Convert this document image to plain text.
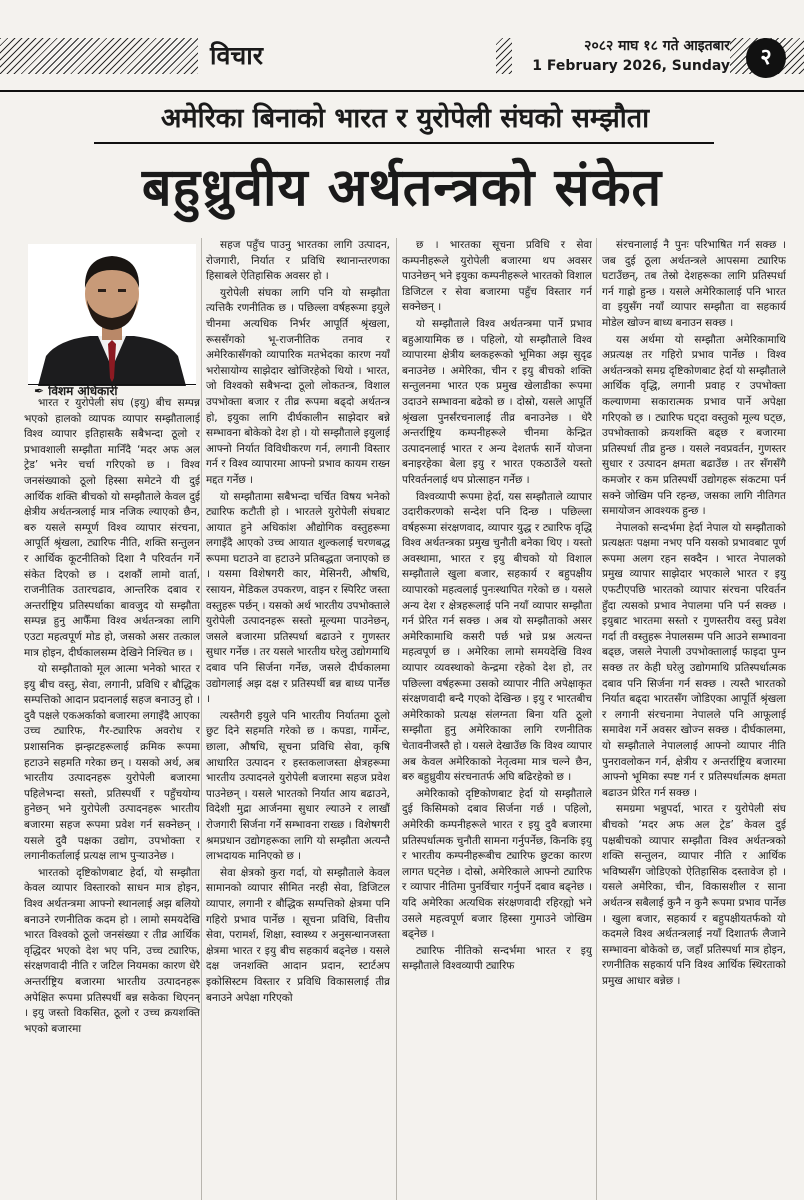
विचार	२०८२ माघ १८ गते आइतबार
1 February 2026, Sunday	२
अमेरिका बिनाको भारत र युरोपेली संघको सम्झौता
बहुध्रुवीय अर्थतन्त्रको संकेत
✒ विशम अधिकारी

भारत र युरोपेली संघ (इयु) बीच सम्पन्न भएको हालको व्यापक व्यापार सम्झौतालाई विश्व व्यापार इतिहासकै सबैभन्दा ठूलो र प्रभावशाली सम्झौता मानिँदै ‘मदर अफ अल ट्रेड’ भनेर चर्चा गरिएको छ । विश्व जनसंख्याको ठूलो हिस्सा समेटने यी दुई आर्थिक शक्ति बीचको यो सम्झौताले केवल दुई क्षेत्रीय अर्थतन्त्रलाई मात्र नजिक ल्याएको छैन, बरु यसले सम्पूर्ण विश्व व्यापार संरचना, आपूर्ति श्रृंखला, ट्यारिफ नीति, शक्ति सन्तुलन र आर्थिक कूटनीतिको दिशा नै परिवर्तन गर्ने संकेत दिएको छ । दशकौं लामो वार्ता, राजनीतिक उतारचढाव, आन्तरिक दबाव र अन्तर्राष्ट्रिय प्रतिस्पर्धाका बावजुद यो सम्झौता सम्पन्न हुनु आफैँमा विश्व अर्थतन्त्रका लागि एउटा महत्वपूर्ण मोड हो, जसको असर तत्काल मात्र होइन, दीर्घकालसम्म देखिने निश्चित छ ।

यो सम्झौताको मूल आत्मा भनेको भारत र इयु बीच वस्तु, सेवा, लगानी, प्रविधि र बौद्धिक सम्पत्तिको आदान प्रदानलाई सहज बनाउनु हो । दुवै पक्षले एकअर्काको बजारमा लगाइँदै आएका उच्च ट्यारिफ, गैर-ट्यारिफ अवरोध र प्रशासनिक झन्झटहरूलाई क्रमिक रूपमा हटाउने सहमति गरेका छन् । यसको अर्थ, अब भारतीय उत्पादनहरू युरोपेली बजारमा पहिलेभन्दा सस्तो, प्रतिस्पर्धी र पहुँचयोग्य हुनेछन् भने युरोपेली उत्पादनहरू भारतीय बजारमा सहज रूपमा प्रवेश गर्न सक्नेछन् । यसले दुवै पक्षका उद्योग, उपभोक्ता र लगानीकर्तालाई प्रत्यक्ष लाभ पुऱ्याउनेछ ।

भारतको दृष्टिकोणबाट हेर्दा, यो सम्झौता केवल व्यापार विस्तारको साधन मात्र होइन, विश्व अर्थतन्त्रमा आफ्नो स्थानलाई अझ बलियो बनाउने रणनीतिक कदम हो । लामो समयदेखि भारत विश्वको ठूलो जनसंख्या र तीव्र आर्थिक वृद्धिदर भएको देश भए पनि, उच्च ट्यारिफ, संरक्षणवादी नीति र जटिल नियमका कारण धेरै अन्तर्राष्ट्रिय बजारमा भारतीय उत्पादनहरू अपेक्षित रूपमा प्रतिस्पर्धी बन्न सकेका थिएनन् । इयु जस्तो विकसित, ठूलो र उच्च क्रयशक्ति भएको बजारमा

सहज पहुँच पाउनु भारतका लागि उत्पादन, रोजगारी, निर्यात र प्रविधि स्थानान्तरणका हिसाबले ऐतिहासिक अवसर हो ।

युरोपेली संघका लागि पनि यो सम्झौता त्यत्तिकै रणनीतिक छ । पछिल्ला वर्षहरूमा इयुले चीनमा अत्यधिक निर्भर आपूर्ति श्रृंखला, रूससँगको भू-राजनीतिक तनाव र अमेरिकासँगको व्यापारिक मतभेदका कारण नयाँ भरोसायोग्य साझेदार खोजिरहेको थियो । भारत, जो विश्वको सबैभन्दा ठूलो लोकतन्त्र, विशाल उपभोक्ता बजार र तीव्र रूपमा बढ्दो अर्थतन्त्र हो, इयुका लागि दीर्घकालीन साझेदार बन्ने सम्भावना बोकेको देश हो । यो सम्झौताले इयुलाई आफ्नो निर्यात विविधीकरण गर्न, लगानी विस्तार गर्न र विश्व व्यापारमा आफ्नो प्रभाव कायम राख्न मद्दत गर्नेछ ।

यो सम्झौतामा सबैभन्दा चर्चित विषय भनेको ट्यारिफ कटौती हो । भारतले युरोपेली संघबाट आयात हुने अधिकांश औद्योगिक वस्तुहरूमा लगाइँदै आएको उच्च आयात शुल्कलाई चरणबद्ध रूपमा घटाउने वा हटाउने प्रतिबद्धता जनाएको छ । यसमा विशेषगरी कार, मेसिनरी, औषधि, रसायन, मेडिकल उपकरण, वाइन र स्पिरिट जस्ता वस्तुहरू पर्छन् । यसको अर्थ भारतीय उपभोक्ताले युरोपेली उत्पादनहरू सस्तो मूल्यमा पाउनेछन्, जसले बजारमा प्रतिस्पर्धा बढाउने र गुणस्तर सुधार गर्नेछ । तर यसले भारतीय घरेलु उद्योगमाथि दबाव पनि सिर्जना गर्नेछ, जसले दीर्घकालमा उद्योगलाई अझ दक्ष र प्रतिस्पर्धी बन्न बाध्य पार्नेछ ।

त्यस्तैगरी इयुले पनि भारतीय निर्यातमा ठूलो छुट दिने सहमति गरेको छ । कपडा, गार्मेन्ट, छाला, औषधि, सूचना प्रविधि सेवा, कृषि आधारित उत्पादन र हस्तकलाजस्ता क्षेत्रहरूमा भारतीय उत्पादनले युरोपेली बजारमा सहज प्रवेश पाउनेछन् । यसले भारतको निर्यात आय बढाउने, विदेशी मुद्रा आर्जनमा सुधार ल्याउने र लाखौं रोजगारी सिर्जना गर्ने सम्भावना राख्छ । विशेषगरी श्रमप्रधान उद्योगहरूका लागि यो सम्झौता अत्यन्तै लाभदायक मानिएको छ ।

सेवा क्षेत्रको कुरा गर्दा, यो सम्झौताले केवल सामानको व्यापार सीमित नरही सेवा, डिजिटल व्यापार, लगानी र बौद्धिक सम्पत्तिको क्षेत्रमा पनि गहिरो प्रभाव पार्नेछ । सूचना प्रविधि, वित्तीय सेवा, परामर्श, शिक्षा, स्वास्थ्य र अनुसन्धानजस्ता क्षेत्रमा भारत र इयु बीच सहकार्य बढ्नेछ । यसले दक्ष जनशक्ति आदान प्रदान, स्टार्टअप इकोसिस्टम विस्तार र प्रविधि विकासलाई तीव्र बनाउने अपेक्षा गरिएको

छ । भारतका सूचना प्रविधि र सेवा कम्पनीहरूले युरोपेली बजारमा थप अवसर पाउनेछन् भने इयुका कम्पनीहरूले भारतको विशाल डिजिटल र सेवा बजारमा पहुँच विस्तार गर्न सक्नेछन् ।

यो सम्झौताले विश्व अर्थतन्त्रमा पार्ने प्रभाव बहुआयामिक छ । पहिलो, यो सम्झौताले विश्व व्यापारमा क्षेत्रीय ब्लकहरूको भूमिका अझ सुदृढ बनाउनेछ । अमेरिका, चीन र इयु बीचको शक्ति सन्तुलनमा भारत एक प्रमुख खेलाडीका रूपमा उदाउने सम्भावना बढेको छ । दोस्रो, यसले आपूर्ति श्रृंखला पुनर्संरचनालाई तीव्र बनाउनेछ । धेरै अन्तर्राष्ट्रिय कम्पनीहरूले चीनमा केन्द्रित उत्पादनलाई भारत र अन्य देशतर्फ सार्ने योजना बनाइरहेका बेला इयु र भारत एकठाउँले यस्तो परिवर्तनलाई थप प्रोत्साहन गर्नेछ ।

विश्वव्यापी रूपमा हेर्दा, यस सम्झौताले व्यापार उदारीकरणको सन्देश पनि दिन्छ । पछिल्ला वर्षहरूमा संरक्षणवाद, व्यापार युद्ध र ट्यारिफ वृद्धि विश्व अर्थतन्त्रका प्रमुख चुनौती बनेका थिए । यस्तो अवस्थामा, भारत र इयु बीचको यो विशाल सम्झौताले खुला बजार, सहकार्य र बहुपक्षीय व्यापारको महत्वलाई पुनःस्थापित गरेको छ । यसले अन्य देश र क्षेत्रहरूलाई पनि नयाँ व्यापार सम्झौता गर्न प्रेरित गर्न सक्छ । अब यो सम्झौताको असर अमेरिकामाथि कसरी पर्छ भन्ने प्रश्न अत्यन्त महत्वपूर्ण छ । अमेरिका लामो समयदेखि विश्व व्यापार व्यवस्थाको केन्द्रमा रहेको देश हो, तर पछिल्ला वर्षहरूमा उसको व्यापार नीति अपेक्षाकृत संरक्षणवादी बन्दै गएको देखिन्छ । इयु र भारतबीच अमेरिकाको प्रत्यक्ष संलग्नता बिना यति ठूलो सम्झौता हुनु अमेरिकाका लागि रणनीतिक चेतावनीजस्तै हो । यसले देखाउँछ कि विश्व व्यापार अब केवल अमेरिकाको नेतृत्वमा मात्र चल्ने छैन, बरु बहुध्रुवीय संरचनातर्फ अघि बढिरहेको छ ।

अमेरिकाको दृष्टिकोणबाट हेर्दा यो सम्झौताले दुई किसिमको दबाव सिर्जना गर्छ । पहिलो, अमेरिकी कम्पनीहरूले भारत र इयु दुवै बजारमा प्रतिस्पर्धात्मक चुनौती सामना गर्नुपर्नेछ, किनकि इयु र भारतीय कम्पनीहरूबीच ट्यारिफ छुटका कारण लागत घट्नेछ । दोस्रो, अमेरिकाले आफ्नो ट्यारिफ र व्यापार नीतिमा पुनर्विचार गर्नुपर्ने दबाव बढ्नेछ । यदि अमेरिका अत्यधिक संरक्षणवादी रहिरह्यो भने उसले महत्वपूर्ण बजार हिस्सा गुमाउने जोखिम बढ्नेछ ।

ट्यारिफ नीतिको सन्दर्भमा भारत र इयु सम्झौताले विश्वव्यापी ट्यारिफ

संरचनालाई नै पुनः परिभाषित गर्न सक्छ । जब दुई ठूला अर्थतन्त्रले आपसमा ट्यारिफ घटाउँछन्, तब तेस्रो देशहरूका लागि प्रतिस्पर्धा गर्न गाह्रो हुन्छ । यसले अमेरिकालाई पनि भारत वा इयुसँग नयाँ व्यापार सम्झौता वा सहकार्य मोडेल खोज्न बाध्य बनाउन सक्छ ।

यस अर्थमा यो सम्झौता अमेरिकामाथि अप्रत्यक्ष तर गहिरो प्रभाव पार्नेछ । विश्व अर्थतन्त्रको समग्र दृष्टिकोणबाट हेर्दा यो सम्झौताले आर्थिक वृद्धि, लगानी प्रवाह र उपभोक्ता कल्याणमा सकारात्मक प्रभाव पार्ने अपेक्षा गरिएको छ । ट्यारिफ घट्दा वस्तुको मूल्य घट्छ, उपभोक्ताको क्रयशक्ति बढ्छ र बजारमा प्रतिस्पर्धा तीव्र हुन्छ । यसले नवप्रवर्तन, गुणस्तर सुधार र उत्पादन क्षमता बढाउँछ । तर सँगसँगै कमजोर र कम प्रतिस्पर्धी उद्योगहरू संकटमा पर्न सक्ने जोखिम पनि रहन्छ, जसका लागि नीतिगत समायोजन आवश्यक हुन्छ ।

नेपालको सन्दर्भमा हेर्दा नेपाल यो सम्झौताको प्रत्यक्षतः पक्षमा नभए पनि यसको प्रभावबाट पूर्ण रूपमा अलग रहन सक्दैन । भारत नेपालको प्रमुख व्यापार साझेदार भएकाले भारत र इयु एफटीएपछि भारतको व्यापार संरचना परिवर्तन हुँदा त्यसको प्रभाव नेपालमा पनि पर्न सक्छ । इयुबाट भारतमा सस्तो र गुणस्तरीय वस्तु प्रवेश गर्दा ती वस्तुहरू नेपालसम्म पनि आउने सम्भावना बढ्छ, जसले नेपाली उपभोक्तालाई फाइदा पुग्न सक्छ तर केही घरेलु उद्योगमाथि प्रतिस्पर्धात्मक दबाव पनि सिर्जना गर्न सक्छ । त्यस्तै भारतको निर्यात बढ्दा भारतसँग जोडिएका आपूर्ति श्रृंखला र लगानी संरचनामा नेपालले पनि आफूलाई समावेश गर्ने अवसर खोज्न सक्छ । दीर्घकालमा, यो सम्झौताले नेपाललाई आफ्नो व्यापार नीति पुनरावलोकन गर्न, क्षेत्रीय र अन्तर्राष्ट्रिय बजारमा आफ्नो भूमिका स्पष्ट गर्न र प्रतिस्पर्धात्मक क्षमता बढाउन प्रेरित गर्न सक्छ ।

समग्रमा भन्नुपर्दा, भारत र युरोपेली संघ बीचको ‘मदर अफ अल ट्रेड’ केवल दुई पक्षबीचको व्यापार सम्झौता विश्व अर्थतन्त्रको शक्ति सन्तुलन, व्यापार नीति र आर्थिक भविष्यसँग जोडिएको ऐतिहासिक दस्तावेज हो । यसले अमेरिका, चीन, विकासशील र साना अर्थतन्त्र सबैलाई कुनै न कुनै रूपमा प्रभाव पार्नेछ । खुला बजार, सहकार्य र बहुपक्षीयतर्फको यो कदमले विश्व अर्थतन्त्रलाई नयाँ दिशातर्फ लैजाने सम्भावना बोकेको छ, जहाँ प्रतिस्पर्धा मात्र होइन, रणनीतिक सहकार्य पनि विश्व आर्थिक स्थिरताको प्रमुख आधार बन्नेछ ।
